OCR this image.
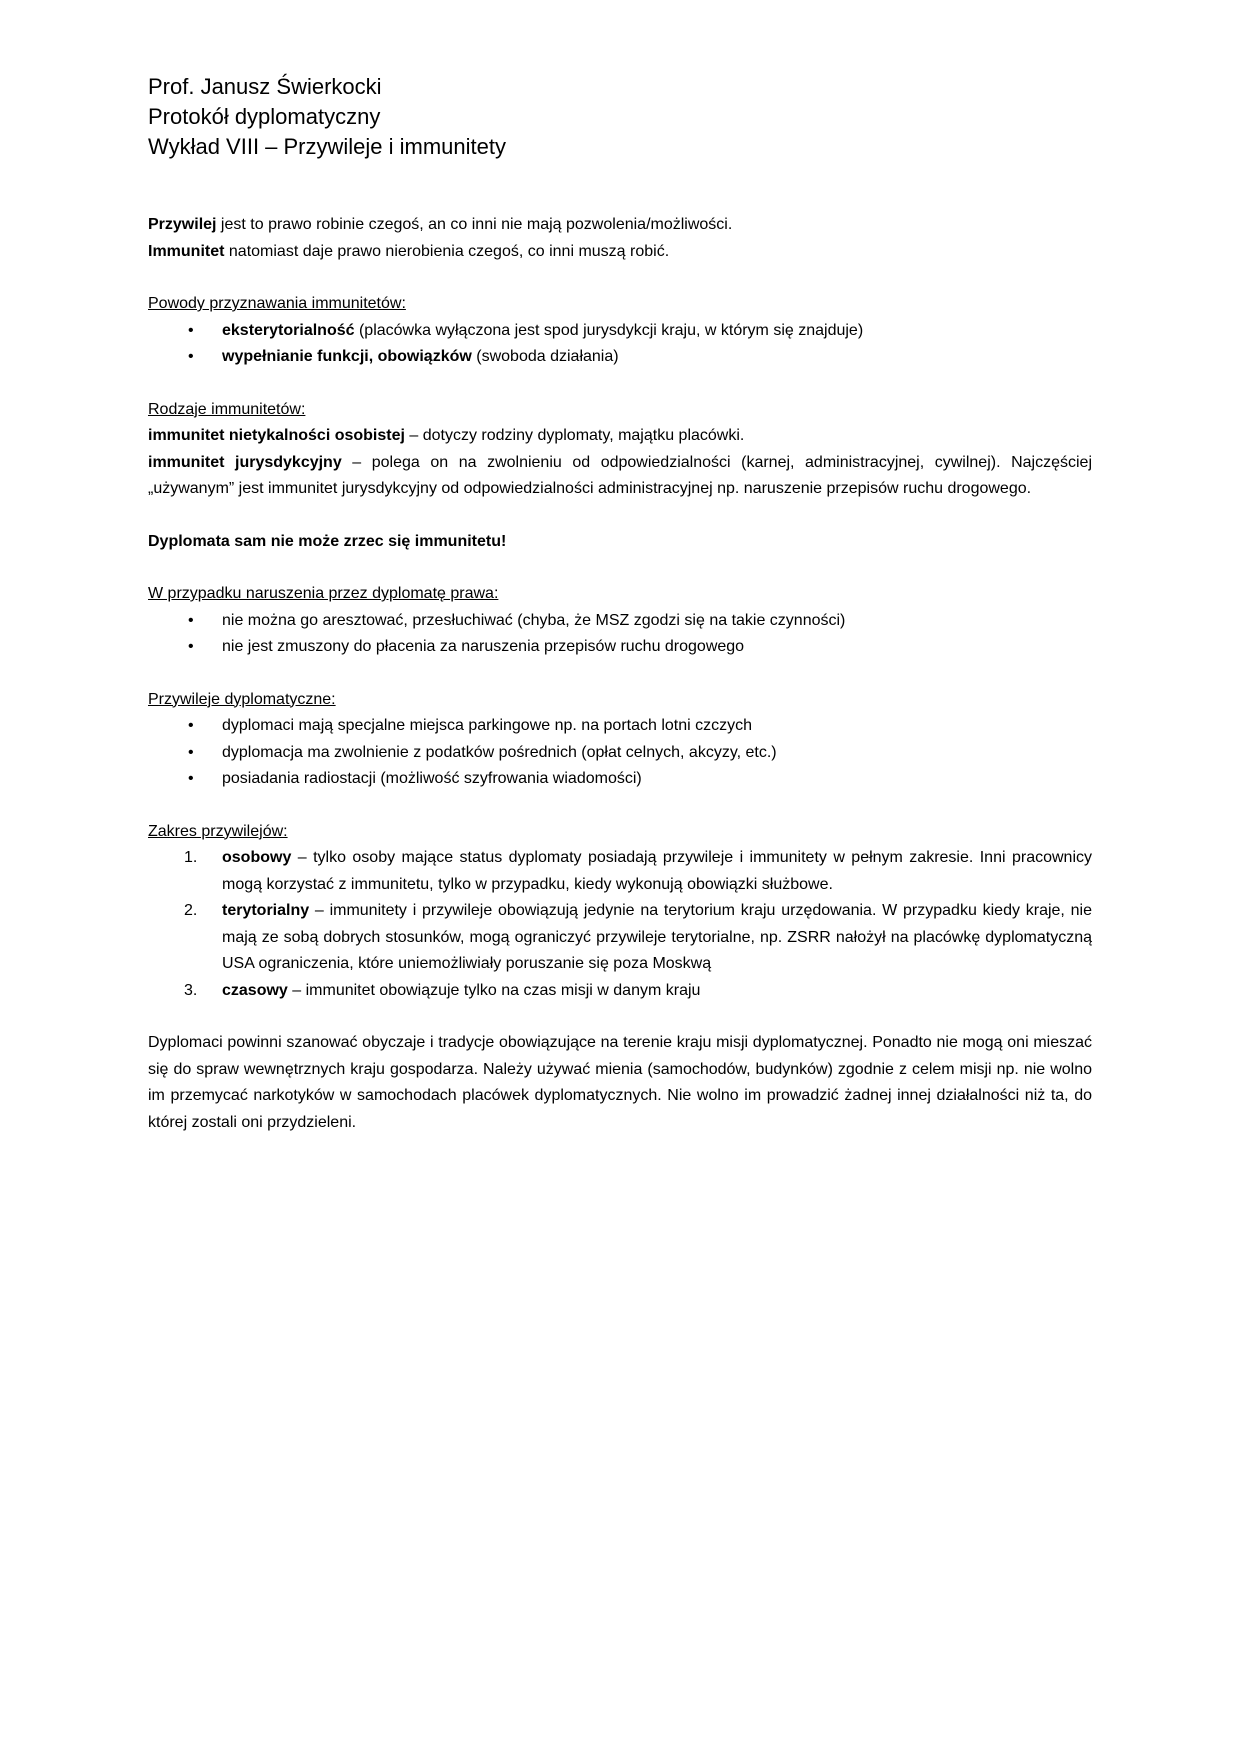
Prof. Janusz Świerkocki

Protokół dyplomatyczny

Wykład VIII – Przywileje i immunitety

Przywilej jest to prawo robinie czegoś, an co inni nie mają pozwolenia/możliwości.

Immunitet natomiast daje prawo nierobienia czegoś, co inni muszą robić.

Powody przyznawania immunitetów:

• eksterytorialność (placówka wyłączona jest spod jurysdykcji kraju, w którym się znajduje)
• wypełnianie funkcji, obowiązków (swoboda działania)

Rodzaje immunitetów:

immunitet nietykalności osobistej – dotyczy rodziny dyplomaty, majątku placówki.

immunitet jurysdykcyjny – polega on na zwolnieniu od odpowiedzialności (karnej, administracyjnej, cywilnej). Najczęściej „używanym” jest immunitet jurysdykcyjny od odpowiedzialności administracyjnej np. naruszenie przepisów ruchu drogowego.

Dyplomata sam nie może zrzec się immunitetu!

W przypadku naruszenia przez dyplomatę prawa:

• nie można go aresztować, przesłuchiwać (chyba, że MSZ zgodzi się na takie czynności)
• nie jest zmuszony do płacenia za naruszenia przepisów ruchu drogowego

Przywileje dyplomatyczne:

• dyplomaci mają specjalne miejsca parkingowe np. na portach lotni czczych
• dyplomacja ma zwolnienie z podatków pośrednich (opłat celnych, akcyzy, etc.)
• posiadania radiostacji (możliwość szyfrowania wiadomości)

Zakres przywilejów:

1. osobowy – tylko osoby mające status dyplomaty posiadają przywileje i immunitety w pełnym zakresie. Inni pracownicy mogą korzystać z immunitetu, tylko w przypadku, kiedy wykonują obowiązki służbowe.
2. terytorialny – immunitety i przywileje obowiązują jedynie na terytorium kraju urzędowania. W przypadku kiedy kraje, nie mają ze sobą dobrych stosunków, mogą ograniczyć przywileje terytorialne, np. ZSRR nałożył na placówkę dyplomatyczną USA ograniczenia, które uniemożliwiały poruszanie się poza Moskwą
3. czasowy – immunitet obowiązuje tylko na czas misji w danym kraju

Dyplomaci powinni szanować obyczaje i tradycje obowiązujące na terenie kraju misji dyplomatycznej. Ponadto nie mogą oni mieszać się do spraw wewnętrznych kraju gospodarza. Należy używać mienia (samochodów, budynków) zgodnie z celem misji np. nie wolno im przemycać narkotyków w samochodach placówek dyplomatycznych. Nie wolno im prowadzić żadnej innej działalności niż ta, do której zostali oni przydzieleni.
